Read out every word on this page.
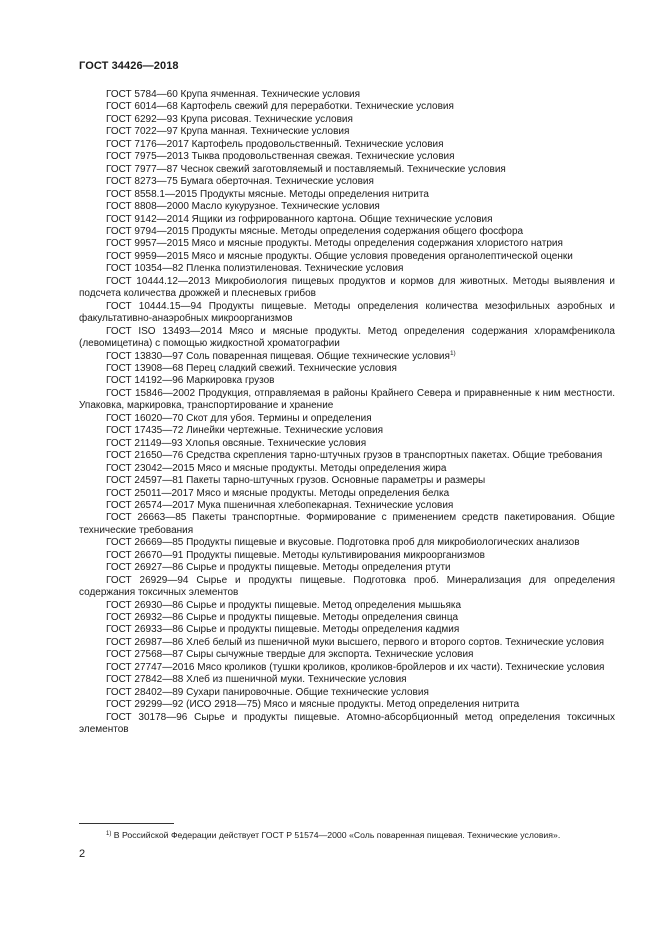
ГОСТ 34426—2018
ГОСТ 5784—60 Крупа ячменная. Технические условия
ГОСТ 6014—68 Картофель свежий для переработки. Технические условия
ГОСТ 6292—93 Крупа рисовая. Технические условия
ГОСТ 7022—97 Крупа манная. Технические условия
ГОСТ 7176—2017 Картофель продовольственный. Технические условия
ГОСТ 7975—2013 Тыква продовольственная свежая. Технические условия
ГОСТ 7977—87 Чеснок свежий заготовляемый и поставляемый. Технические условия
ГОСТ 8273—75 Бумага оберточная. Технические условия
ГОСТ 8558.1—2015 Продукты мясные. Методы определения нитрита
ГОСТ 8808—2000 Масло кукурузное. Технические условия
ГОСТ 9142—2014 Ящики из гофрированного картона. Общие технические условия
ГОСТ 9794—2015 Продукты мясные. Методы определения содержания общего фосфора
ГОСТ 9957—2015 Мясо и мясные продукты. Методы определения содержания хлористого натрия
ГОСТ 9959—2015 Мясо и мясные продукты. Общие условия проведения органолептической оценки
ГОСТ 10354—82 Пленка полиэтиленовая. Технические условия
ГОСТ 10444.12—2013 Микробиология пищевых продуктов и кормов для животных. Методы выявления и подсчета количества дрожжей и плесневых грибов
ГОСТ 10444.15—94 Продукты пищевые. Методы определения количества мезофильных аэробных и факультативно-анаэробных микроорганизмов
ГОСТ ISO 13493—2014 Мясо и мясные продукты. Метод определения содержания хлорамфеникола (левомицетина) с помощью жидкостной хроматографии
ГОСТ 13830—97 Соль поваренная пищевая. Общие технические условия$^{1)}$
ГОСТ 13908—68 Перец сладкий свежий. Технические условия
ГОСТ 14192—96 Маркировка грузов
ГОСТ 15846—2002 Продукция, отправляемая в районы Крайнего Севера и приравненные к ним местности. Упаковка, маркировка, транспортирование и хранение
ГОСТ 16020—70 Скот для убоя. Термины и определения
ГОСТ 17435—72 Линейки чертежные. Технические условия
ГОСТ 21149—93 Хлопья овсяные. Технические условия
ГОСТ 21650—76 Средства скрепления тарно-штучных грузов в транспортных пакетах. Общие требования
ГОСТ 23042—2015 Мясо и мясные продукты. Методы определения жира
ГОСТ 24597—81 Пакеты тарно-штучных грузов. Основные параметры и размеры
ГОСТ 25011—2017 Мясо и мясные продукты. Методы определения белка
ГОСТ 26574—2017 Мука пшеничная хлебопекарная. Технические условия
ГОСТ 26663—85 Пакеты транспортные. Формирование с применением средств пакетирования. Общие технические требования
ГОСТ 26669—85 Продукты пищевые и вкусовые. Подготовка проб для микробиологических анализов
ГОСТ 26670—91 Продукты пищевые. Методы культивирования микроорганизмов
ГОСТ 26927—86 Сырье и продукты пищевые. Методы определения ртути
ГОСТ 26929—94 Сырье и продукты пищевые. Подготовка проб. Минерализация для определения содержания токсичных элементов
ГОСТ 26930—86 Сырье и продукты пищевые. Метод определения мышьяка
ГОСТ 26932—86 Сырье и продукты пищевые. Методы определения свинца
ГОСТ 26933—86 Сырье и продукты пищевые. Методы определения кадмия
ГОСТ 26987—86 Хлеб белый из пшеничной муки высшего, первого и второго сортов. Технические условия
ГОСТ 27568—87 Сыры сычужные твердые для экспорта. Технические условия
ГОСТ 27747—2016 Мясо кроликов (тушки кроликов, кроликов-бройлеров и их части). Технические условия
ГОСТ 27842—88 Хлеб из пшеничной муки. Технические условия
ГОСТ 28402—89 Сухари панировочные. Общие технические условия
ГОСТ 29299—92 (ИСО 2918—75) Мясо и мясные продукты. Метод определения нитрита
ГОСТ 30178—96 Сырье и продукты пищевые. Атомно-абсорбционный метод определения токсичных элементов
$^{1)}$ В Российской Федерации действует ГОСТ Р 51574—2000 «Соль поваренная пищевая. Технические условия».
2
